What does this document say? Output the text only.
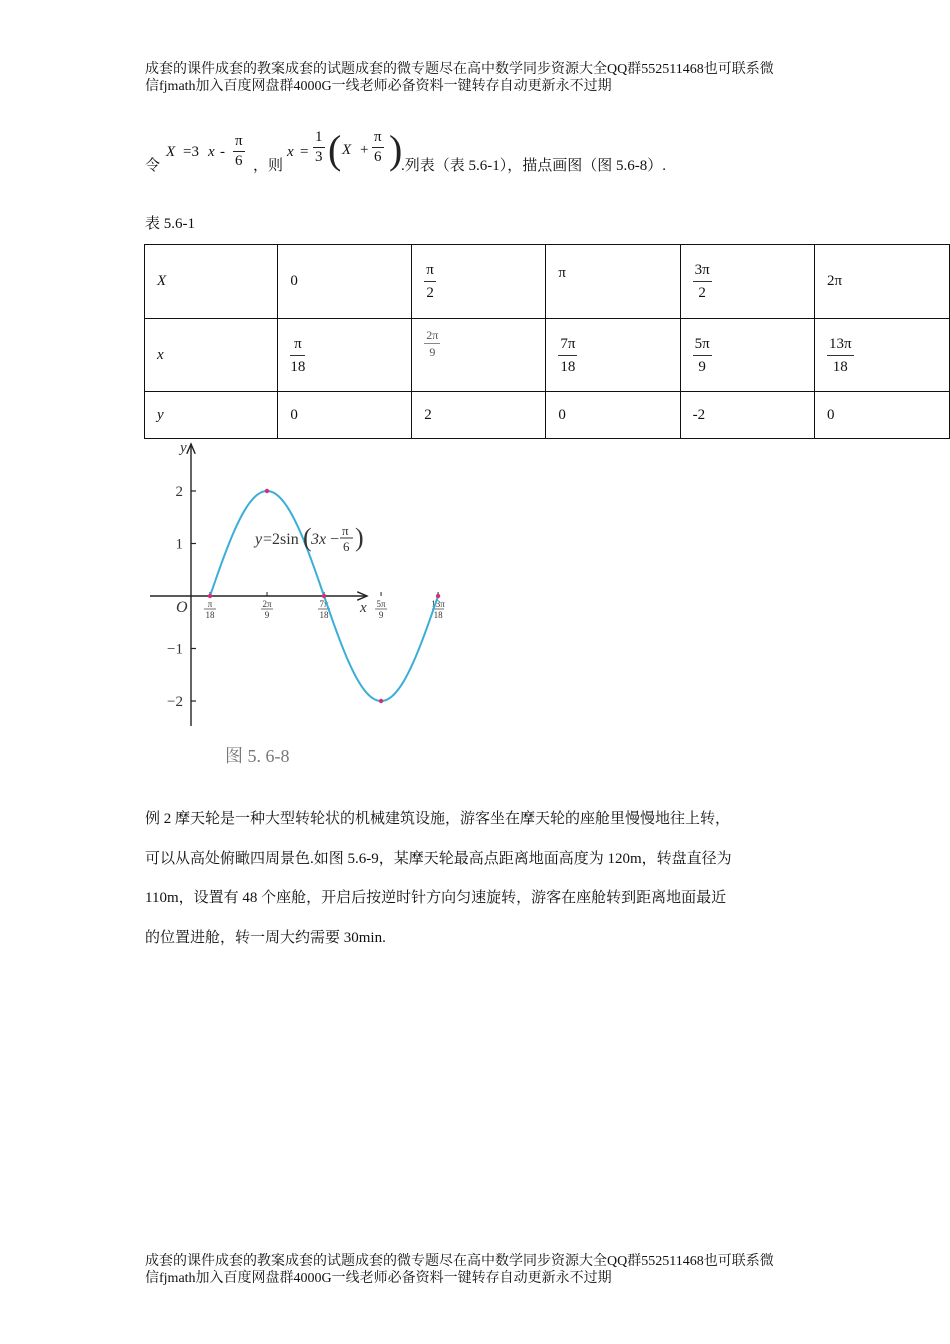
成套的课件成套的教案成套的试题成套的微专题尽在高中数学同步资源大全QQ群552511468也可联系微
信fjmath加入百度网盘群4000G一线老师必备资料一键转存自动更新永不过期
令
X =3 x - $\frac{\pi}{6}$ ，则
$x = \frac{1}{3}$ ( $X + \frac{\pi}{6}$ )
.列表（表 5.6-1），描点画图（图 5.6-8）.
表 5.6-1
X	0	$\frac{\pi}{2}$	π	$\frac{3\pi}{2}$	2π
x	$\frac{\pi}{18}$	$\frac{2\pi}{9}$	$\frac{7\pi}{18}$	$\frac{5\pi}{9}$	$\frac{13\pi}{18}$

y	0	2	0	-2	0
2
1
−1
−2
π
18
2π
9
7π
18
5π
9
13π
18
y
x
O
y =2sin ( 3x −
π
6 )
图 5. 6-8

例 2 摩天轮是一种大型转轮状的机械建筑设施，游客坐在摩天轮的座舱里慢慢地往上转，

可以从高处俯瞰四周景色.如图 5.6-9，某摩天轮最高点距离地面高度为 120m，转盘直径为

110m，设置有 48 个座舱，开启后按逆时针方向匀速旋转，游客在座舱转到距离地面最近

的位置进舱，转一周大约需要 30min.

成套的课件成套的教案成套的试题成套的微专题尽在高中数学同步资源大全QQ群552511468也可联系微
信fjmath加入百度网盘群4000G一线老师必备资料一键转存自动更新永不过期
